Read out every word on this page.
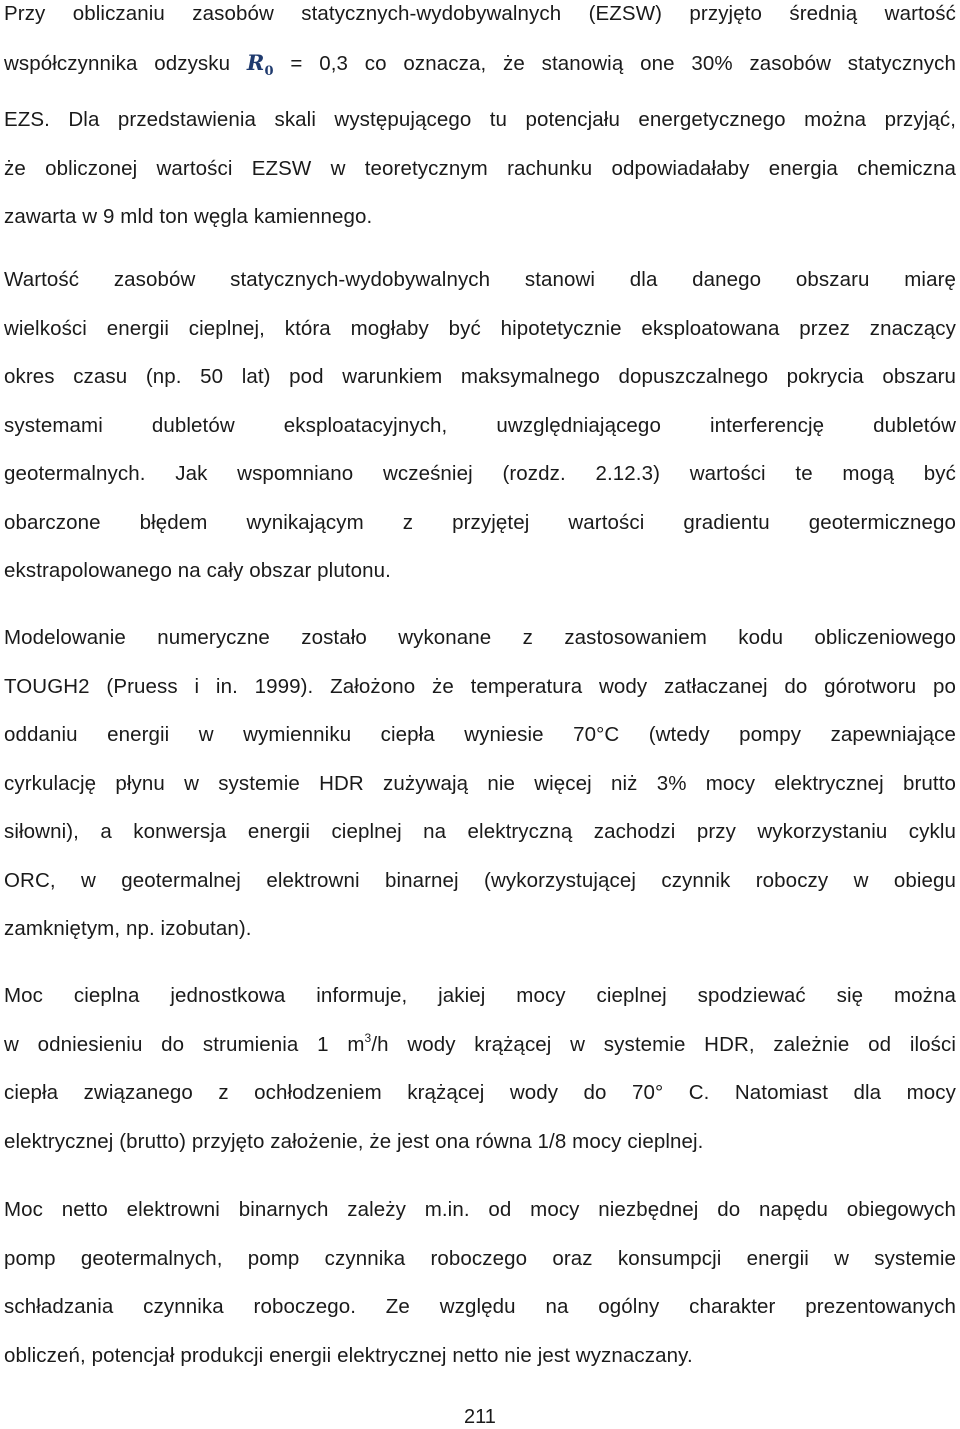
Przy obliczaniu zasobów statycznych-wydobywalnych (EZSW) przyjęto średnią wartość
współczynnika odzysku $R_0 = 0,3$ co oznacza, że stanowią one 30% zasobów statycznych
EZS. Dla przedstawienia skali występującego tu potencjału energetycznego można przyjąć,
że obliczonej wartości EZSW w teoretycznym rachunku odpowiadałaby energia chemiczna
zawarta w 9 mld ton węgla kamiennego.

Wartość zasobów statycznych-wydobywalnych stanowi dla danego obszaru miarę
wielkości energii cieplnej, która mogłaby być hipotetycznie eksploatowana przez znaczący
okres czasu (np. 50 lat) pod warunkiem maksymalnego dopuszczalnego pokrycia obszaru
systemami dubletów eksploatacyjnych, uwzględniającego interferencję dubletów
geotermalnych. Jak wspomniano wcześniej (rozdz. 2.12.3) wartości te mogą być
obarczone błędem wynikającym z przyjętej wartości gradientu geotermicznego
ekstrapolowanego na cały obszar plutonu.

Modelowanie numeryczne zostało wykonane z zastosowaniem kodu obliczeniowego
TOUGH2 (Pruess i in. 1999). Założono że temperatura wody zatłaczanej do górotworu po
oddaniu energii w wymienniku ciepła wyniesie 70°C (wtedy pompy zapewniające
cyrkulację płynu w systemie HDR zużywają nie więcej niż 3% mocy elektrycznej brutto
siłowni), a konwersja energii cieplnej na elektryczną zachodzi przy wykorzystaniu cyklu
ORC, w geotermalnej elektrowni binarnej (wykorzystującej czynnik roboczy w obiegu
zamkniętym, np. izobutan).

Moc cieplna jednostkowa informuje, jakiej mocy cieplnej spodziewać się można
w odniesieniu do strumienia 1 $m^3/h$ wody krążącej w systemie HDR, zależnie od ilości
ciepła związanego z ochłodzeniem krążącej wody do 70° C. Natomiast dla mocy
elektrycznej (brutto) przyjęto założenie, że jest ona równa 1/8 mocy cieplnej.

Moc netto elektrowni binarnych zależy m.in. od mocy niezbędnej do napędu obiegowych
pomp geotermalnych, pomp czynnika roboczego oraz konsumpcji energii w systemie
schładzania czynnika roboczego. Ze względu na ogólny charakter prezentowanych
obliczeń, potencjał produkcji energii elektrycznej netto nie jest wyznaczany.

211
